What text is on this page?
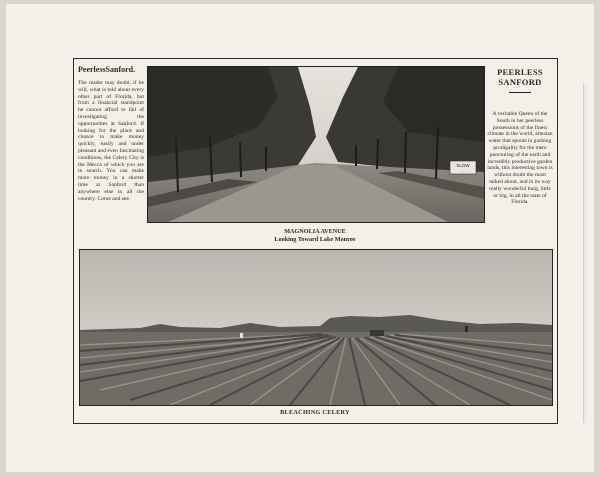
PeerlessSanford.

The reader may doubt, if he will, what is told about every other part of Florida, but from a financial standpoint he cannot afford to fail of investigating the opportunities at Sanford. If looking for the place and chance to make money quickly, easily and under pleasant and even fascinating conditions, the Celery City is the Mecca of which you are in search. You can make more money in a shorter time at Sanford than anywhere else in all the country. Come and see.

SLOW
...

PEERLESS

SANFORD

A veritable Queen of the South in her peerless possessions of the finest climate in the world, artesian water that spouts in gushing prodigality for the mere puncturing of the earth and incredibly productive garden lands, this interesting town is without doubt the most talked about, and in its way really wonderful burg, little or big, in all the state of Florida.

MAGNOLIA AVENUE
Looking Toward Lake Monroe
BLEACHING CELERY
